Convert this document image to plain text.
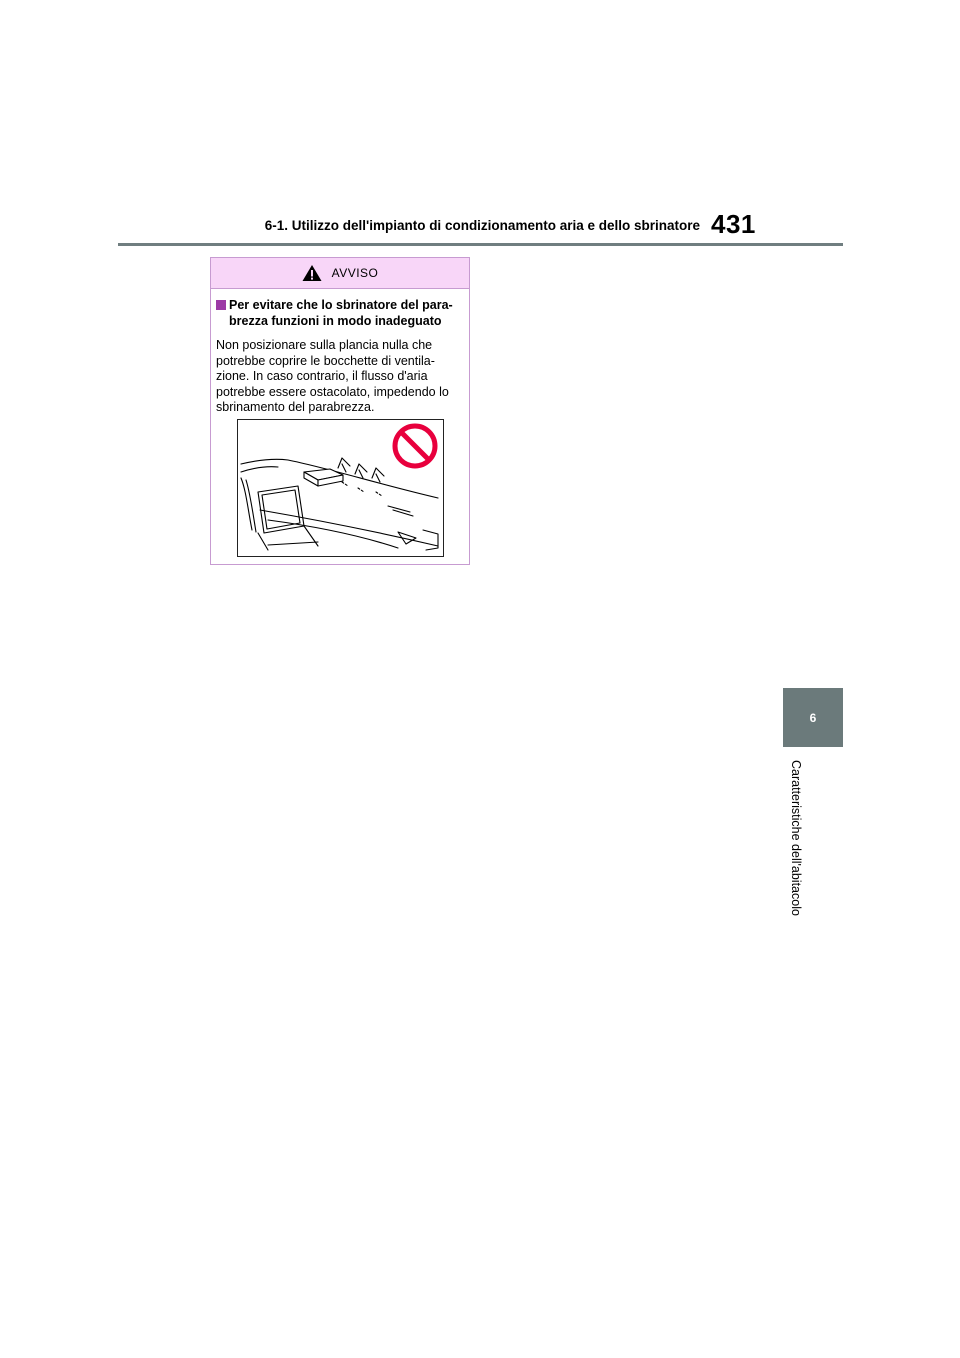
6-1. Utilizzo dell'impianto di condizionamento aria e dello sbrinatore 431
6
Caratteristiche dell'abitacolo
AVVISO
Per evitare che lo sbrinatore del para-brezza funzioni in modo inadeguato
Non posizionare sulla plancia nulla che potrebbe coprire le bocchette di ventila-zione. In caso contrario, il flusso d'aria potrebbe essere ostacolato, impedendo lo sbrinamento del parabrezza.
